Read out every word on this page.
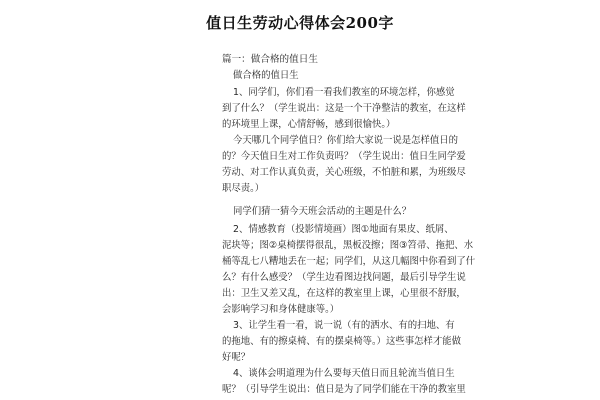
值日生劳动心得体会200字
篇一：做合格的值日生
做合格的值日生
1、同学们，你们看一看我们教室的环境怎样，你感觉
到了什么？（学生说出：这是一个干净整洁的教室，在这样
的环境里上课，心情舒畅，感到很愉快。）
今天哪几个同学值日？你们给大家说一说是怎样值日的
的？今天值日生对工作负责吗？（学生说出：值日生同学爱
劳动、对工作认真负责，关心班级，不怕脏和累，为班级尽
职尽责。）
同学们猜一猜今天班会活动的主题是什么？
2、情感教育（投影情境画）图①地面有果皮、纸屑、
泥块等；图②桌椅摆得很乱，黑板没擦；图③笤帚、拖把、水
桶等乱七八糟地丢在一起；同学们，从这几幅图中你看到了什
么？有什么感受？（学生边看图边找问题，最后引导学生说
出：卫生又差又乱，在这样的教室里上课，心里很不舒服，
会影响学习和身体健康等。）
3、让学生看一看，说一说（有的洒水、有的扫地、有
的拖地、有的擦桌椅、有的摆桌椅等。）这些事怎样才能做
好呢？
4、谈体会明道理为什么要每天值日而且轮流当值日生
呢？（引导学生说出：值日是为了同学们能在干净的教室里
